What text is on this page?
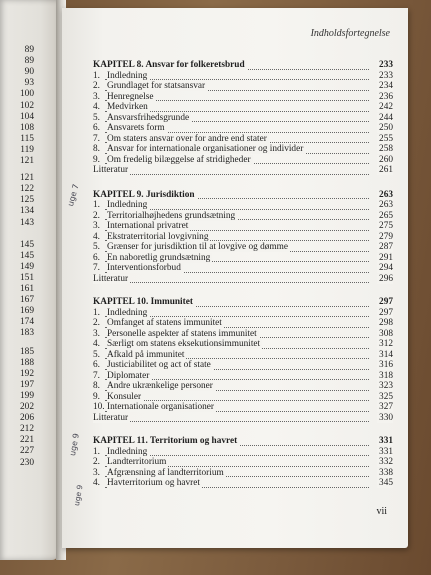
89
89
90
93
100
102
104
108
115
119
121
121
122
125
134
143
145
145
149
151
161
167
169
174
183
185
188
192
197
199
202
206
212
221
227
230
Indholdsfortegnelse
KAPITEL 8. Ansvar for folkeretsbrud	233
1. Indledning	233
2. Grundlaget for statsansvar	234
3. Henregnelse	236
4. Medvirken	242
5. Ansvarsfrihedsgrunde	244
6. Ansvarets form	250
7. Om staters ansvar over for andre end stater	255
8. Ansvar for internationale organisationer og individer	258
9. Om fredelig bilæggelse af stridigheder	260
Litteratur	261
KAPITEL 9. Jurisdiktion	263
1. Indledning	263
2. Territorialhøjhedens grundsætning	265
3. International privatret	275
4. Ekstraterritorial lovgivning	279
5. Grænser for jurisdiktion til at lovgive og dømme	287
6. En naboretlig grundsætning	291
7. Interventionsforbud	294
Litteratur	296
KAPITEL 10. Immunitet	297
1. Indledning	297
2. Omfanget af statens immunitet	298
3. Personelle aspekter af statens immunitet	308
4. Særligt om statens eksekutionsimmunitet	312
5. Afkald på immunitet	314
6. Justiciabilitet og act of state	316
7. Diplomater	318
8. Andre ukrænkelige personer	323
9. Konsuler	325
10. Internationale organisationer	327
Litteratur	330
KAPITEL 11. Territorium og havret	331
1. Indledning	331
2. Landterritorium	332
3. Afgrænsning af landterritorium	338
4. Havterritorium og havret	345
vii
uge 7
uge 9
uge 9
